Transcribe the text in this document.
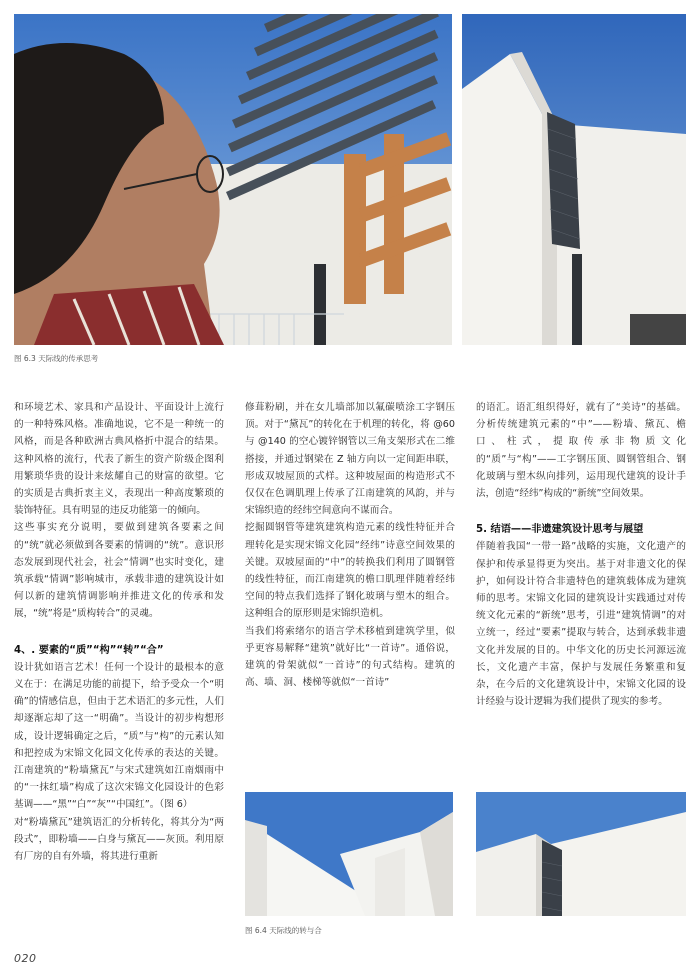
图 6.3 天际线的传承思考

和环境艺术、家具和产品设计、平面设计上流行的一种特殊风格。准确地说，它不是一种统一的风格，而是各种欧洲古典风格折中混合的结果。这种风格的流行，代表了新生的资产阶级企图利用繁琐华贵的设计来炫耀自己的财富的欲望。它的实质是古典折衷主义，表现出一种高度繁琐的装饰特征。具有明显的违反功能第一的倾向。

这些事实充分说明，要做到建筑各要素之间的“统”就必须做到各要素的情调的“统”。意识形态发展到现代社会，社会“情调”也实时变化，建筑承载“情调”影响城市，承载非遗的建筑设计如何以新的建筑情调影响并推进文化的传承和发展，“统”将是“质构转合”的灵魂。

4、. 要素的“质”“构”“转”“合”

设计犹如语言艺术！任何一个设计的最根本的意义在于：在满足功能的前提下，给予受众一个“明确”的情感信息，但由于艺术语汇的多元性，人们却逐渐忘却了这一“明确”。当设计的初步构想形成，设计逻辑确定之后，“质”与“构”的元素认知和把控成为宋锦文化园文化传承的表达的关键。江南建筑的“粉墙黛瓦”与宋式建筑如江南烟雨中的“一抹红墙”构成了这次宋锦文化园设计的色彩基调——“黑”“白”“灰”“中国红”。（图 6）

对“粉墙黛瓦”建筑语汇的分析转化，将其分为“两段式”，即粉墙——白身与黛瓦——灰顶。利用原有厂房的自有外墙，将其进行重新

修葺粉刷，并在女儿墙部加以氟碳喷涂工字钢压顶。对于“黛瓦”的转化在于机理的转化，将 @60 与 @140 的空心镀锌钢管以三角支架形式在二维搭接，并通过钢梁在 Z 轴方向以一定间距串联，形成双坡屋顶的式样。这种坡屋面的构造形式不仅仅在色调肌理上传承了江南建筑的风韵，并与宋锦织造的经纬空间意向不谋而合。

挖掘圆钢管等建筑建筑构造元素的线性特征并合理转化是实现宋锦文化园“经纬”诗意空间效果的关键。双坡屋面的“中”的转换我们利用了圆钢管的线性特征，而江南建筑的檐口肌理伴随着经纬空间的特点我们选择了钢化玻璃与塑木的组合。这种组合的原形则是宋锦织造机。

当我们将索绪尔的语言学术移植到建筑学里，似乎更容易解释“建筑”就好比“一首诗”。通俗说，建筑的骨架就似“一首诗”的句式结构。建筑的高、墙、洞、楼梯等就似“一首诗”

的语汇。语汇组织得好，就有了“美诗”的基础。分析传统建筑元素的“中”——粉墙、黛瓦、檐口、柱式，提取传承非物质文化的“质”与“构”——工字钢压顶、圆钢管组合、钢化玻璃与塑木纵向排列，运用现代建筑的设计手法，创造“经纬”构成的“新统”空间效果。

5. 结语——非遗建筑设计思考与展望

伴随着我国“一带一路”战略的实施，文化遗产的保护和传承显得更为突出。基于对非遗文化的保护，如何设计符合非遗特色的建筑载体成为建筑师的思考。宋锦文化园的建筑设计实践通过对传统文化元素的“新统”思考，引进“建筑情调”的对立统一，经过“要素”提取与转合，达到承载非遗文化并发展的目的。中华文化的历史长河源远流长，文化遗产丰富，保护与发展任务繁重和复杂，在今后的文化建筑设计中，宋锦文化园的设计经验与设计逻辑为我们提供了现实的参考。

图 6.4 天际线的转与合
020
